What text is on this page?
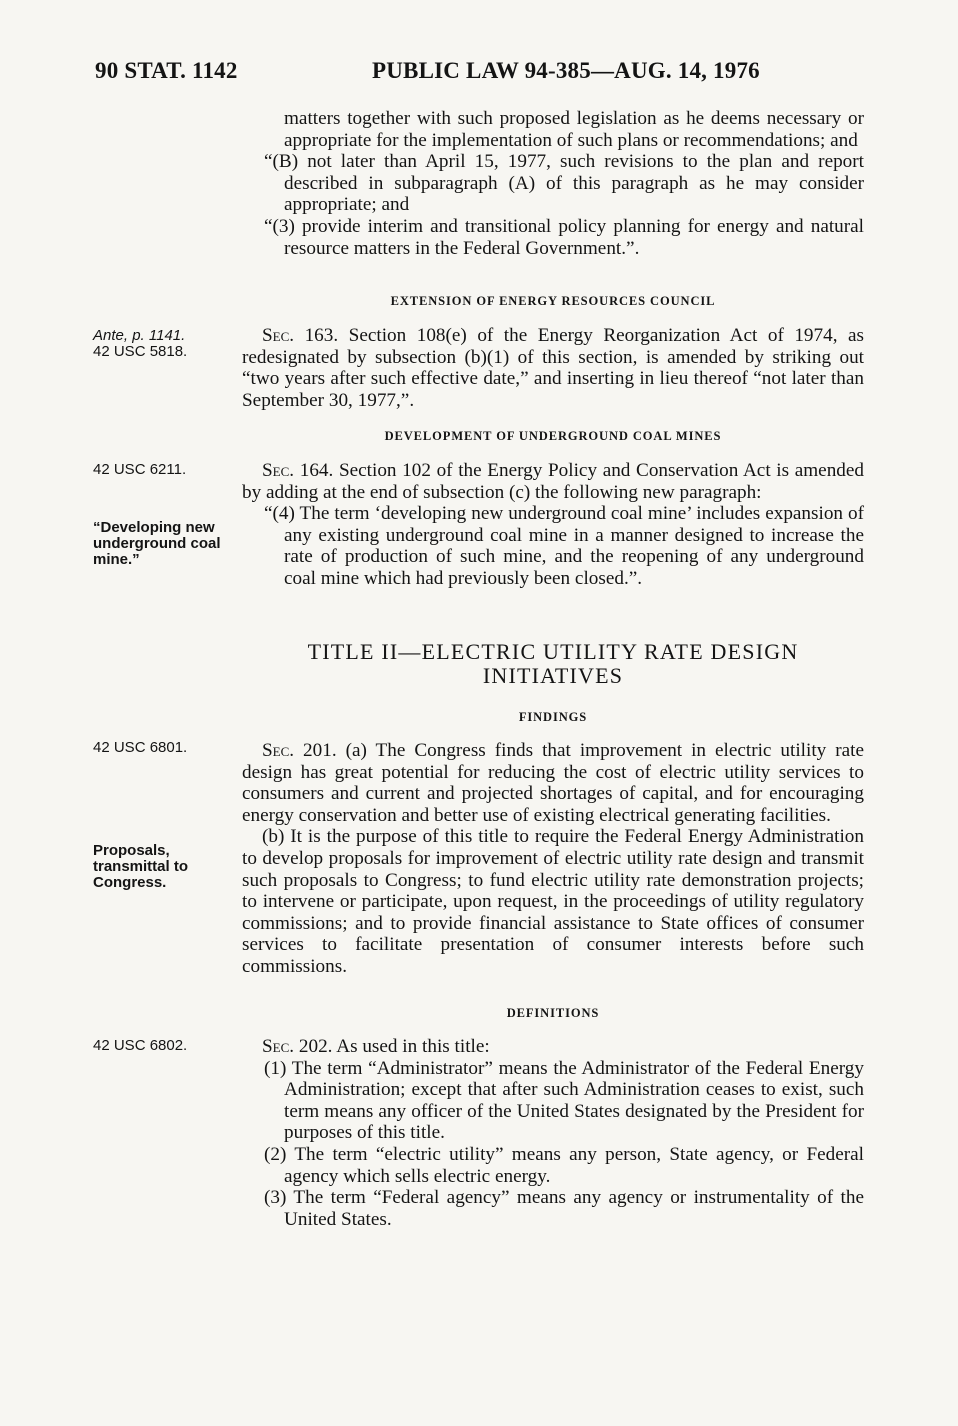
90 STAT. 1142	PUBLIC LAW 94-385—AUG. 14, 1976

matters together with such proposed legislation as he deems necessary or appropriate for the implementation of such plans or recommendations; and

“(B) not later than April 15, 1977, such revisions to the plan and report described in subparagraph (A) of this paragraph as he may consider appropriate; and

“(3) provide interim and transitional policy planning for energy and natural resource matters in the Federal Government.”.

EXTENSION OF ENERGY RESOURCES COUNCIL
Ante, p. 1141.
42 USC 5818.

Sec. 163. Section 108(e) of the Energy Reorganization Act of 1974, as redesignated by subsection (b)(1) of this section, is amended by striking out “two years after such effective date,” and inserting in lieu thereof “not later than September 30, 1977,”.

DEVELOPMENT OF UNDERGROUND COAL MINES
42 USC 6211.
“Developing new underground coal mine.”

Sec. 164. Section 102 of the Energy Policy and Conservation Act is amended by adding at the end of subsection (c) the following new paragraph:

“(4) The term ‘developing new underground coal mine’ includes expansion of any existing underground coal mine in a manner designed to increase the rate of production of such mine, and the reopening of any underground coal mine which had previously been closed.”.

TITLE II—ELECTRIC UTILITY RATE DESIGN
INITIATIVES
FINDINGS
42 USC 6801.
Proposals, transmittal to Congress.

Sec. 201. (a) The Congress finds that improvement in electric utility rate design has great potential for reducing the cost of electric utility services to consumers and current and projected shortages of capital, and for encouraging energy conservation and better use of existing electrical generating facilities.

(b) It is the purpose of this title to require the Federal Energy Administration to develop proposals for improvement of electric utility rate design and transmit such proposals to Congress; to fund electric utility rate demonstration projects; to intervene or participate, upon request, in the proceedings of utility regulatory commissions; and to provide financial assistance to State offices of consumer services to facilitate presentation of consumer interests before such commissions.

DEFINITIONS
42 USC 6802.	Sec. 202. As used in this title:

(1) The term “Administrator” means the Administrator of the Federal Energy Administration; except that after such Administration ceases to exist, such term means any officer of the United States designated by the President for purposes of this title.

(2) The term “electric utility” means any person, State agency, or Federal agency which sells electric energy.

(3) The term “Federal agency” means any agency or instrumentality of the United States.
